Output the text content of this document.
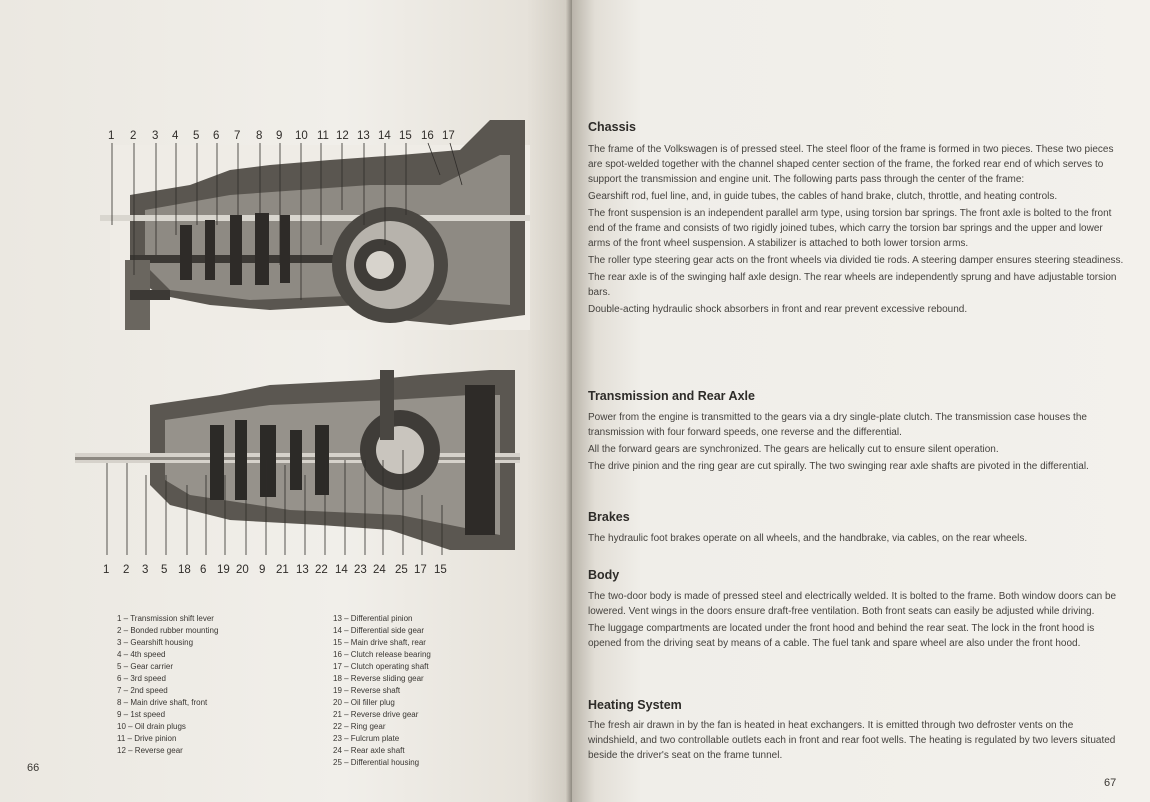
1 2 3 4 5 6 7 8 9 10 11 12 13 14 15 16 17
1 2 3 5 18 6 19 20 9 21 13 22 14 23 24 25 17 15
1 – Transmission shift lever
2 – Bonded rubber mounting
3 – Gearshift housing
4 – 4th speed
5 – Gear carrier
6 – 3rd speed
7 – 2nd speed
8 – Main drive shaft, front
9 – 1st speed
10 – Oil drain plugs
11 – Drive pinion
12 – Reverse gear
13 – Differential pinion
14 – Differential side gear
15 – Main drive shaft, rear
16 – Clutch release bearing
17 – Clutch operating shaft
18 – Reverse sliding gear
19 – Reverse shaft
20 – Oil filler plug
21 – Reverse drive gear
22 – Ring gear
23 – Fulcrum plate
24 – Rear axle shaft
25 – Differential housing
66
Chassis

The frame of the Volkswagen is of pressed steel. The steel floor of the frame is formed in two pieces. These two pieces are spot-welded together with the channel shaped center section of the frame, the forked rear end of which serves to support the transmission and engine unit. The following parts pass through the center of the frame:

Gearshift rod, fuel line, and, in guide tubes, the cables of hand brake, clutch, throttle, and heating controls.

The front suspension is an independent parallel arm type, using torsion bar springs. The front axle is bolted to the front end of the frame and consists of two rigidly joined tubes, which carry the torsion bar springs and the upper and lower arms of the front wheel suspension. A stabilizer is attached to both lower torsion arms.

The roller type steering gear acts on the front wheels via divided tie rods. A steering damper ensures steering steadiness.

The rear axle is of the swinging half axle design. The rear wheels are independently sprung and have adjustable torsion bars.

Double-acting hydraulic shock absorbers in front and rear prevent excessive rebound.

Transmission and Rear Axle

Power from the engine is transmitted to the gears via a dry single-plate clutch. The transmission case houses the transmission with four forward speeds, one reverse and the differential.

All the forward gears are synchronized. The gears are helically cut to ensure silent operation.

The drive pinion and the ring gear are cut spirally. The two swinging rear axle shafts are pivoted in the differential.

Brakes

The hydraulic foot brakes operate on all wheels, and the handbrake, via cables, on the rear wheels.

Body

The two-door body is made of pressed steel and electrically welded. It is bolted to the frame. Both window doors can be lowered. Vent wings in the doors ensure draft-free ventilation. Both front seats can easily be adjusted while driving.

The luggage compartments are located under the front hood and behind the rear seat. The lock in the front hood is opened from the driving seat by means of a cable. The fuel tank and spare wheel are also under the front hood.

Heating System

The fresh air drawn in by the fan is heated in heat exchangers. It is emitted through two defroster vents on the windshield, and two controllable outlets each in front and rear foot wells. The heating is regulated by two levers situated beside the driver's seat on the frame tunnel.

67
